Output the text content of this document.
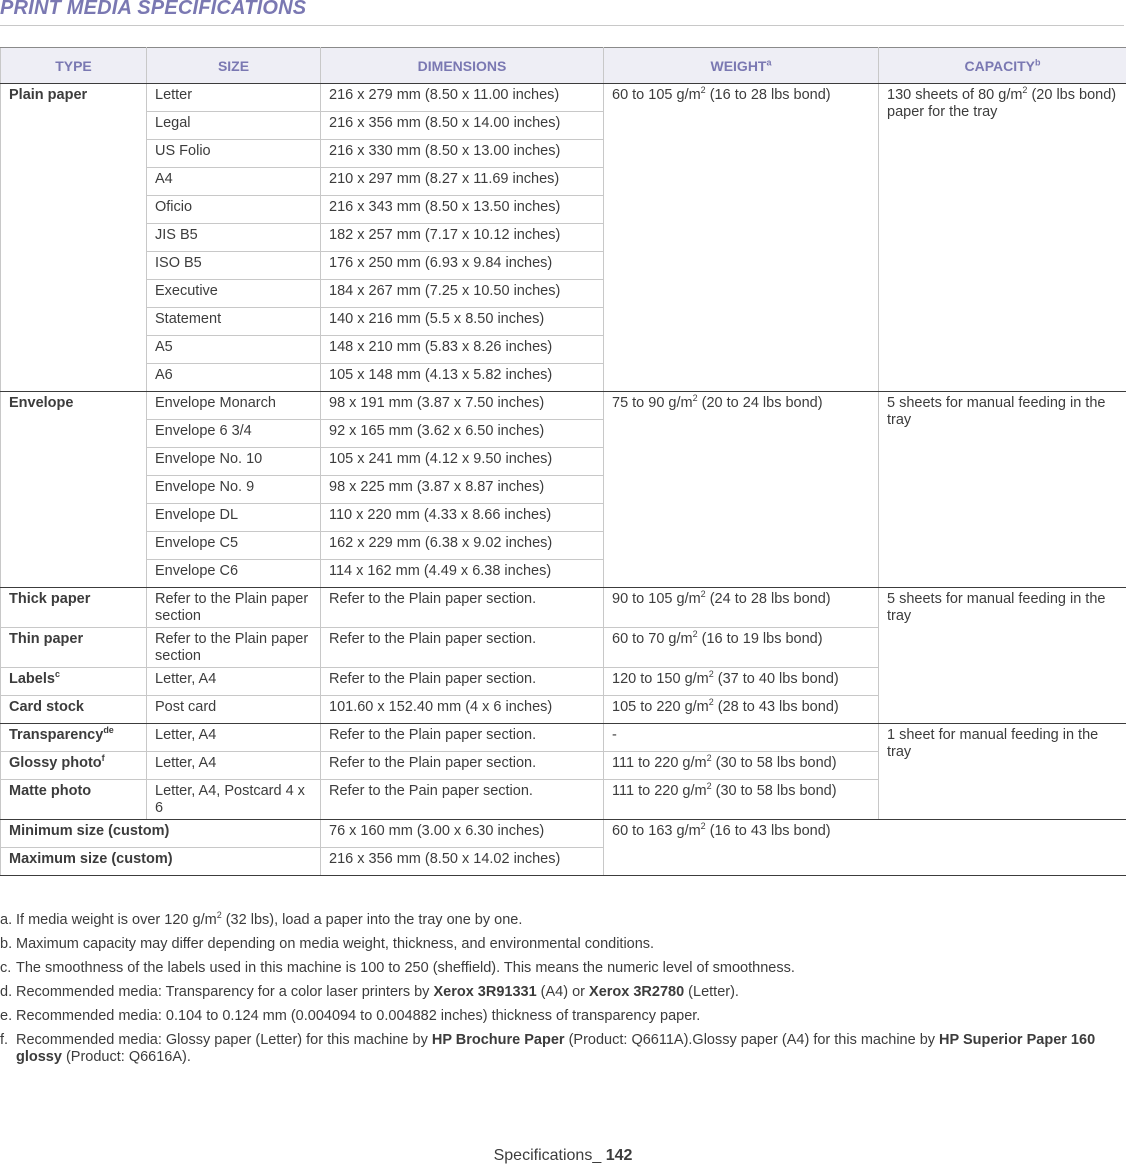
PRINT MEDIA SPECIFICATIONS
TYPE	SIZE	DIMENSIONS	WEIGHT$^a$	CAPACITY$^b$
Plain paper	Letter	216 x 279 mm (8.50 x 11.00 inches)	60 to 105 $g/m^2$ (16 to 28 lbs bond)	130 sheets of 80 $g/m^2$ (20 lbs bond) paper for the tray
	Legal	216 x 356 mm (8.50 x 14.00 inches)		
	US Folio	216 x 330 mm (8.50 x 13.00 inches)		
	A4	210 x 297 mm (8.27 x 11.69 inches)		
	Oficio	216 x 343 mm (8.50 x 13.50 inches)		
	JIS B5	182 x 257 mm (7.17 x 10.12 inches)		
	ISO B5	176 x 250 mm (6.93 x 9.84 inches)		
	Executive	184 x 267 mm (7.25 x 10.50 inches)		
	Statement	140 x 216 mm (5.5 x 8.50 inches)		
	A5	148 x 210 mm (5.83 x 8.26 inches)		
	A6	105 x 148 mm (4.13 x 5.82 inches)		
Envelope	Envelope Monarch	98 x 191 mm (3.87 x 7.50 inches)	75 to 90 $g/m^2$ (20 to 24 lbs bond)	5 sheets for manual feeding in the tray
	Envelope 6 3/4	92 x 165 mm (3.62 x 6.50 inches)		
	Envelope No. 10	105 x 241 mm (4.12 x 9.50 inches)		
	Envelope No. 9	98 x 225 mm (3.87 x 8.87 inches)		
	Envelope DL	110 x 220 mm (4.33 x 8.66 inches)		
	Envelope C5	162 x 229 mm (6.38 x 9.02 inches)		
	Envelope C6	114 x 162 mm (4.49 x 6.38 inches)		
Thick paper	Refer to the Plain paper section	Refer to the Plain paper section.	90 to 105 $g/m^2$ (24 to 28 lbs bond)	5 sheets for manual feeding in the tray
Thin paper	Refer to the Plain paper section	Refer to the Plain paper section.	60 to 70 $g/m^2$ (16 to 19 lbs bond)	
Labels$^c$	Letter, A4	Refer to the Plain paper section.	120 to 150 $g/m^2$ (37 to 40 lbs bond)	
Card stock	Post card	101.60 x 152.40 mm (4 x 6 inches)	105 to 220 $g/m^2$ (28 to 43 lbs bond)	
Transparency$^{de}$	Letter, A4	Refer to the Plain paper section.	-	1 sheet for manual feeding in the tray
Glossy photo$^f$	Letter, A4	Refer to the Plain paper section.	111 to 220 $g/m^2$ (30 to 58 lbs bond)	
Matte photo	Letter, A4, Postcard 4 x 6	Refer to the Pain paper section.	111 to 220 $g/m^2$ (30 to 58 lbs bond)	
Minimum size (custom)		76 x 160 mm (3.00 x 6.30 inches)	60 to 163 $g/m^2$ (16 to 43 lbs bond)	
Maximum size (custom)		216 x 356 mm (8.50 x 14.02 inches)		
a. If media weight is over 120 $g/m^2$ (32 lbs), load a paper into the tray one by one.
b. Maximum capacity may differ depending on media weight, thickness, and environmental conditions.
c. The smoothness of the labels used in this machine is 100 to 250 (sheffield). This means the numeric level of smoothness.
d. Recommended media: Transparency for a color laser printers by Xerox 3R91331 (A4) or Xerox 3R2780 (Letter).
e. Recommended media: 0.104 to 0.124 mm (0.004094 to 0.004882 inches) thickness of transparency paper.
f. Recommended media: Glossy paper (Letter) for this machine by HP Brochure Paper (Product: Q6611A).Glossy paper (A4) for this machine by HP Superior Paper 160 glossy (Product: Q6616A).
Specifications_ 142
